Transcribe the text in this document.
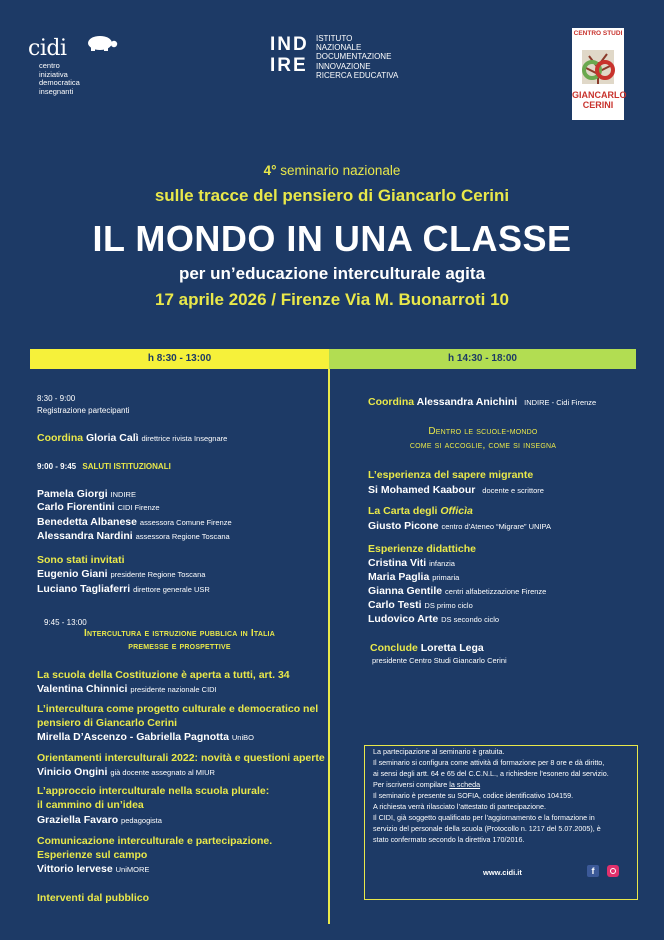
cidi
centro
iniziativa
democratica
insegnanti
IND
IRE
ISTITUTO
NAZIONALE
DOCUMENTAZIONE
INNOVAZIONE
RICERCA EDUCATIVA
CENTRO STUDI
GIANCARLO
CERINI
4° seminario nazionale
sulle tracce del pensiero di Giancarlo Cerini
IL MONDO IN UNA CLASSE
per un’educazione interculturale agita
17 aprile 2026 / Firenze Via M. Buonarroti 10
h 8:30 - 13:00	h 14:30 - 18:00
8:30 - 9:00
Registrazione partecipanti
Coordina Gloria Calì direttrice rivista Insegnare
9:00 - 9:45 SALUTI ISTITUZIONALI
Pamela Giorgi INDIRE
Carlo Fiorentini CIDI Firenze
Benedetta Albanese assessora Comune Firenze
Alessandra Nardini assessora Regione Toscana
Sono stati invitati
Eugenio Giani presidente Regione Toscana
Luciano Tagliaferri direttore generale USR
9:45 - 13:00
Intercultura e istruzione pubblica in Italia
premesse e prospettive
La scuola della Costituzione è aperta a tutti, art. 34
Valentina Chinnici presidente nazionale CIDI
L’intercultura come progetto culturale e democratico nel
pensiero di Giancarlo Cerini
Mirella D’Ascenzo - Gabriella Pagnotta UniBO
Orientamenti interculturali 2022: novità e questioni aperte
Vinicio Ongini già docente assegnato al MIUR
L’approccio interculturale nella scuola plurale:
il cammino di un’idea
Graziella Favaro pedagogista
Comunicazione interculturale e partecipazione.
Esperienze sul campo
Vittorio Iervese UniMORE
Interventi dal pubblico
Coordina Alessandra Anichini INDIRE - Cidi Firenze
Dentro le scuole-mondo
come si accoglie, come si insegna
L’esperienza del sapere migrante
Si Mohamed Kaabour docente e scrittore
La Carta degli Officìa
Giusto Picone centro d’Ateneo “Migrare” UNIPA
Esperienze didattiche
Cristina Viti infanzia
Maria Paglia primaria
Gianna Gentile centri alfabetizzazione Firenze
Carlo Testi DS primo ciclo
Ludovico Arte DS secondo ciclo
Conclude Loretta Lega
presidente Centro Studi Giancarlo Cerini
La partecipazione al seminario è gratuita.
Il seminario si configura come attività di formazione per 8 ore e dà diritto,
ai sensi degli artt. 64 e 65 del C.C.N.L., a richiedere l’esonero dal servizio.
Per iscriversi compilare la scheda
Il seminario è presente su SOFIA, codice identificativo 104159.
A richiesta verrà rilasciato l’attestato di partecipazione.
Il CIDI, già soggetto qualificato per l’aggiornamento e la formazione in
servizio del personale della scuola (Protocollo n. 1217 del 5.07.2005), è
stato confermato secondo la direttiva 170/2016.
www.cidi.it	f
